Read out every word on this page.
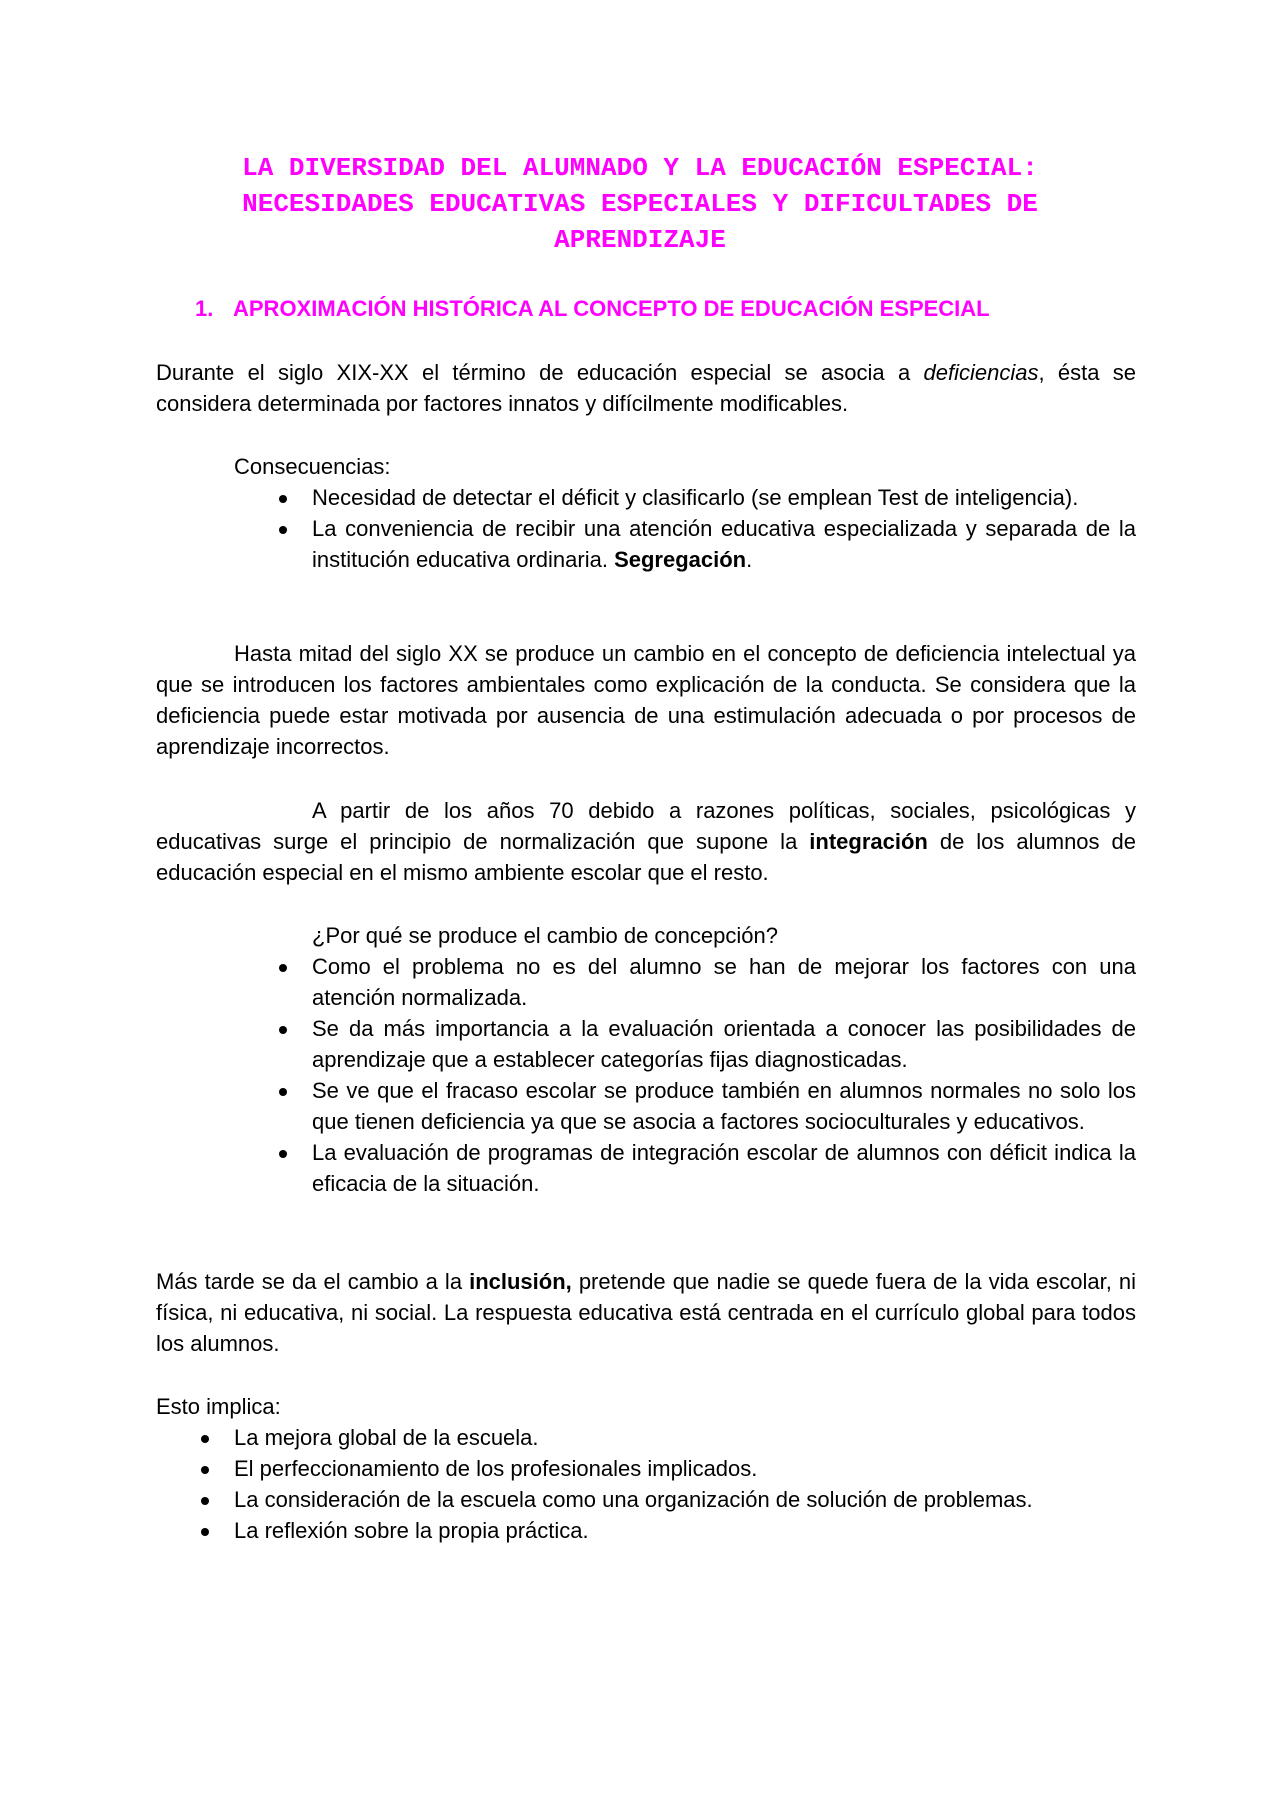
LA DIVERSIDAD DEL ALUMNADO Y LA EDUCACIÓN ESPECIAL:
NECESIDADES EDUCATIVAS ESPECIALES Y DIFICULTADES DE
APRENDIZAJE
1. APROXIMACIÓN HISTÓRICA AL CONCEPTO DE EDUCACIÓN ESPECIAL

Durante el siglo XIX-XX el término de educación especial se asocia a deficiencias, ésta se considera determinada por factores innatos y difícilmente modificables.

Consecuencias:

Necesidad de detectar el déficit y clasificarlo (se emplean Test de inteligencia).
La conveniencia de recibir una atención educativa especializada y separada de la institución educativa ordinaria. Segregación.

Hasta mitad del siglo XX se produce un cambio en el concepto de deficiencia intelectual ya que se introducen los factores ambientales como explicación de la conducta. Se considera que la deficiencia puede estar motivada por ausencia de una estimulación adecuada o por procesos de aprendizaje incorrectos.

A partir de los años 70 debido a razones políticas, sociales, psicológicas y educativas surge el principio de normalización que supone la integración de los alumnos de educación especial en el mismo ambiente escolar que el resto.

¿Por qué se produce el cambio de concepción?

Como el problema no es del alumno se han de mejorar los factores con una atención normalizada.
Se da más importancia a la evaluación orientada a conocer las posibilidades de aprendizaje que a establecer categorías fijas diagnosticadas.
Se ve que el fracaso escolar se produce también en alumnos normales no solo los que tienen deficiencia ya que se asocia a factores socioculturales y educativos.
La evaluación de programas de integración escolar de alumnos con déficit indica la eficacia de la situación.

Más tarde se da el cambio a la inclusión, pretende que nadie se quede fuera de la vida escolar, ni física, ni educativa, ni social. La respuesta educativa está centrada en el currículo global para todos los alumnos.

Esto implica:

La mejora global de la escuela.
El perfeccionamiento de los profesionales implicados.
La consideración de la escuela como una organización de solución de problemas.
La reflexión sobre la propia práctica.
